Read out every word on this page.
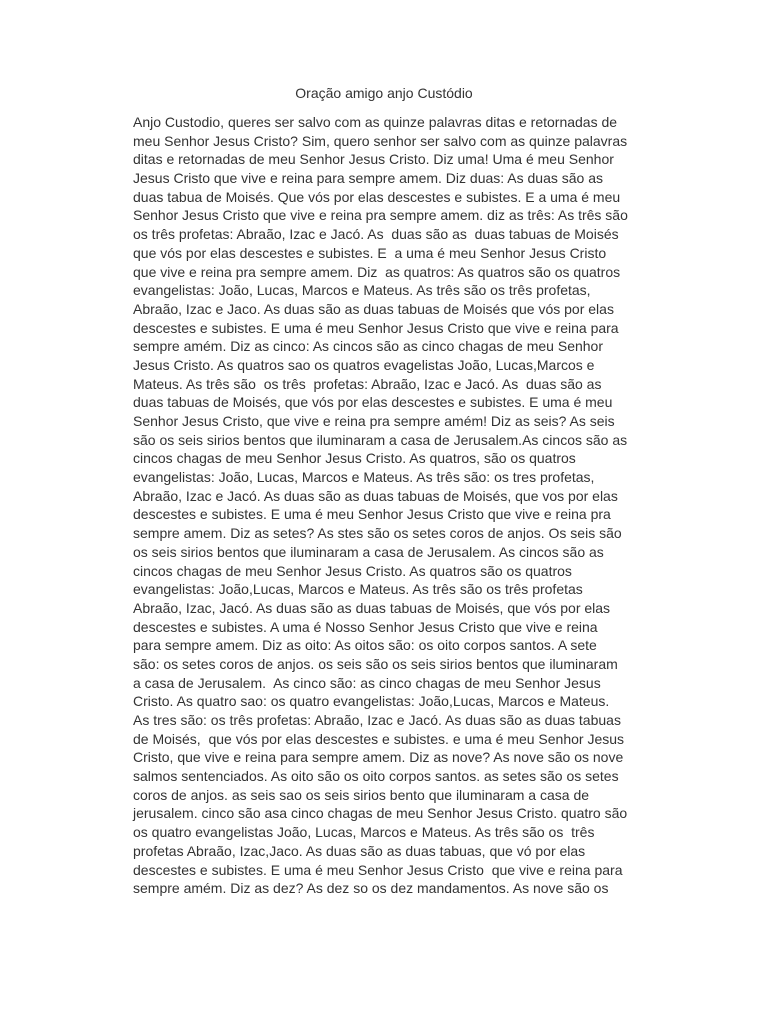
Oração amigo anjo Custódio
Anjo Custodio, queres ser salvo com as quinze palavras ditas e retornadas de
meu Senhor Jesus Cristo? Sim, quero senhor ser salvo com as quinze palavras
ditas e retornadas de meu Senhor Jesus Cristo. Diz uma! Uma é meu Senhor
Jesus Cristo que vive e reina para sempre amem. Diz duas: As duas são as
duas tabua de Moisés. Que vós por elas descestes e subistes. E a uma é meu
Senhor Jesus Cristo que vive e reina pra sempre amem. diz as três: As três são
os três profetas: Abraão, Izac e Jacó. As  duas são as  duas tabuas de Moisés
que vós por elas descestes e subistes. E  a uma é meu Senhor Jesus Cristo
que vive e reina pra sempre amem. Diz  as quatros: As quatros são os quatros
evangelistas: João, Lucas, Marcos e Mateus. As três são os três profetas,
Abraão, Izac e Jaco. As duas são as duas tabuas de Moisés que vós por elas
descestes e subistes. E uma é meu Senhor Jesus Cristo que vive e reina para
sempre amém. Diz as cinco: As cincos são as cinco chagas de meu Senhor
Jesus Cristo. As quatros sao os quatros evagelistas João, Lucas,Marcos e
Mateus. As três são  os três  profetas: Abraão, Izac e Jacó. As  duas são as
duas tabuas de Moisés, que vós por elas descestes e subistes. E uma é meu
Senhor Jesus Cristo, que vive e reina pra sempre amém! Diz as seis? As seis
são os seis sirios bentos que iluminaram a casa de Jerusalem.As cincos são as
cincos chagas de meu Senhor Jesus Cristo. As quatros, são os quatros
evangelistas: João, Lucas, Marcos e Mateus. As três são: os tres profetas,
Abraão, Izac e Jacó. As duas são as duas tabuas de Moisés, que vos por elas
descestes e subistes. E uma é meu Senhor Jesus Cristo que vive e reina pra
sempre amem. Diz as setes? As stes são os setes coros de anjos. Os seis são
os seis sirios bentos que iluminaram a casa de Jerusalem. As cincos são as
cincos chagas de meu Senhor Jesus Cristo. As quatros são os quatros
evangelistas: João,Lucas, Marcos e Mateus. As três são os três profetas
Abraão, Izac, Jacó. As duas são as duas tabuas de Moisés, que vós por elas
descestes e subistes. A uma é Nosso Senhor Jesus Cristo que vive e reina
para sempre amem. Diz as oito: As oitos são: os oito corpos santos. A sete
são: os setes coros de anjos. os seis são os seis sirios bentos que iluminaram
a casa de Jerusalem.  As cinco são: as cinco chagas de meu Senhor Jesus
Cristo. As quatro sao: os quatro evangelistas: João,Lucas, Marcos e Mateus.
As tres são: os três profetas: Abraão, Izac e Jacó. As duas são as duas tabuas
de Moisés,  que vós por elas descestes e subistes. e uma é meu Senhor Jesus
Cristo, que vive e reina para sempre amem. Diz as nove? As nove são os nove
salmos sentenciados. As oito são os oito corpos santos. as setes são os setes
coros de anjos. as seis sao os seis sirios bento que iluminaram a casa de
jerusalem. cinco são asa cinco chagas de meu Senhor Jesus Cristo. quatro são
os quatro evangelistas João, Lucas, Marcos e Mateus. As três são os  três
profetas Abraão, Izac,Jaco. As duas são as duas tabuas, que vó por elas
descestes e subistes. E uma é meu Senhor Jesus Cristo  que vive e reina para
sempre amém. Diz as dez? As dez so os dez mandamentos. As nove são os
